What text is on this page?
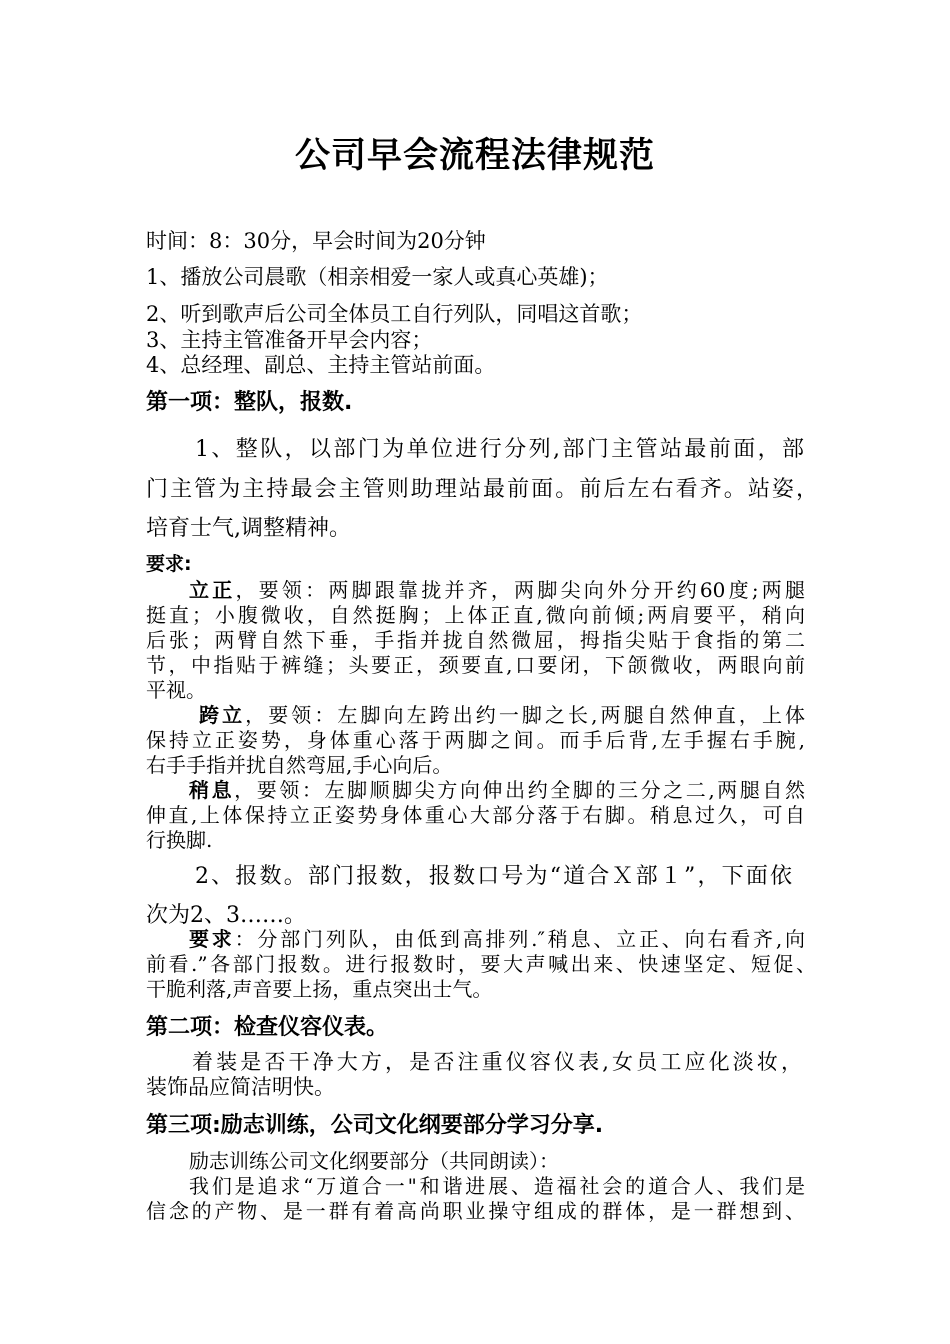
公司早会流程法律规范

时间：8：30分，早会时间为20分钟

1、播放公司晨歌（相亲相爱一家人或真心英雄)；

2、听到歌声后公司全体员工自行列队，同唱这首歌；

3、主持主管准备开早会内容；

4、总经理、副总、主持主管站前面。

第一项：整队，报数.

1、整队，以部门为单位进行分列,部门主管站最前面，部

门主管为主持最会主管则助理站最前面。前后左右看齐。站姿，

培育士气,调整精神。

要求:

立正，要领：两脚跟靠拢并齐，两脚尖向外分开约60度;两腿

挺直；小腹微收，自然挺胸；上体正直,微向前倾;两肩要平，稍向

后张；两臂自然下垂，手指并拢自然微屈，拇指尖贴于食指的第二

节，中指贴于裤缝；头要正，颈要直,口要闭，下颌微收，两眼向前

平视。

跨立，要领：左脚向左跨出约一脚之长,两腿自然伸直，上体

保持立正姿势，身体重心落于两脚之间。而手后背,左手握右手腕,

右手手指并扰自然弯屈,手心向后。

稍息，要领：左脚顺脚尖方向伸出约全脚的三分之二,两腿自然

伸直,上体保持立正姿势身体重心大部分落于右脚。稍息过久，可自

行换脚.

2、报数。部门报数，报数口号为“道合Ｘ部１”，下面依

次为2、3……。

要求：分部门列队，由低到高排列.″稍息、立正、向右看齐,向

前看.”各部门报数。进行报数时，要大声喊出来、快速坚定、短促、

干脆利落,声音要上扬，重点突出士气。

第二项：检查仪容仪表。

着装是否干净大方，是否注重仪容仪表,女员工应化淡妆，

装饰品应简洁明快。

第三项:励志训练，公司文化纲要部分学习分享.

励志训练公司文化纲要部分（共同朗读）：

我们是追求“万道合一"和谐进展、造福社会的道合人、我们是

信念的产物、是一群有着高尚职业操守组成的群体，是一群想到、
